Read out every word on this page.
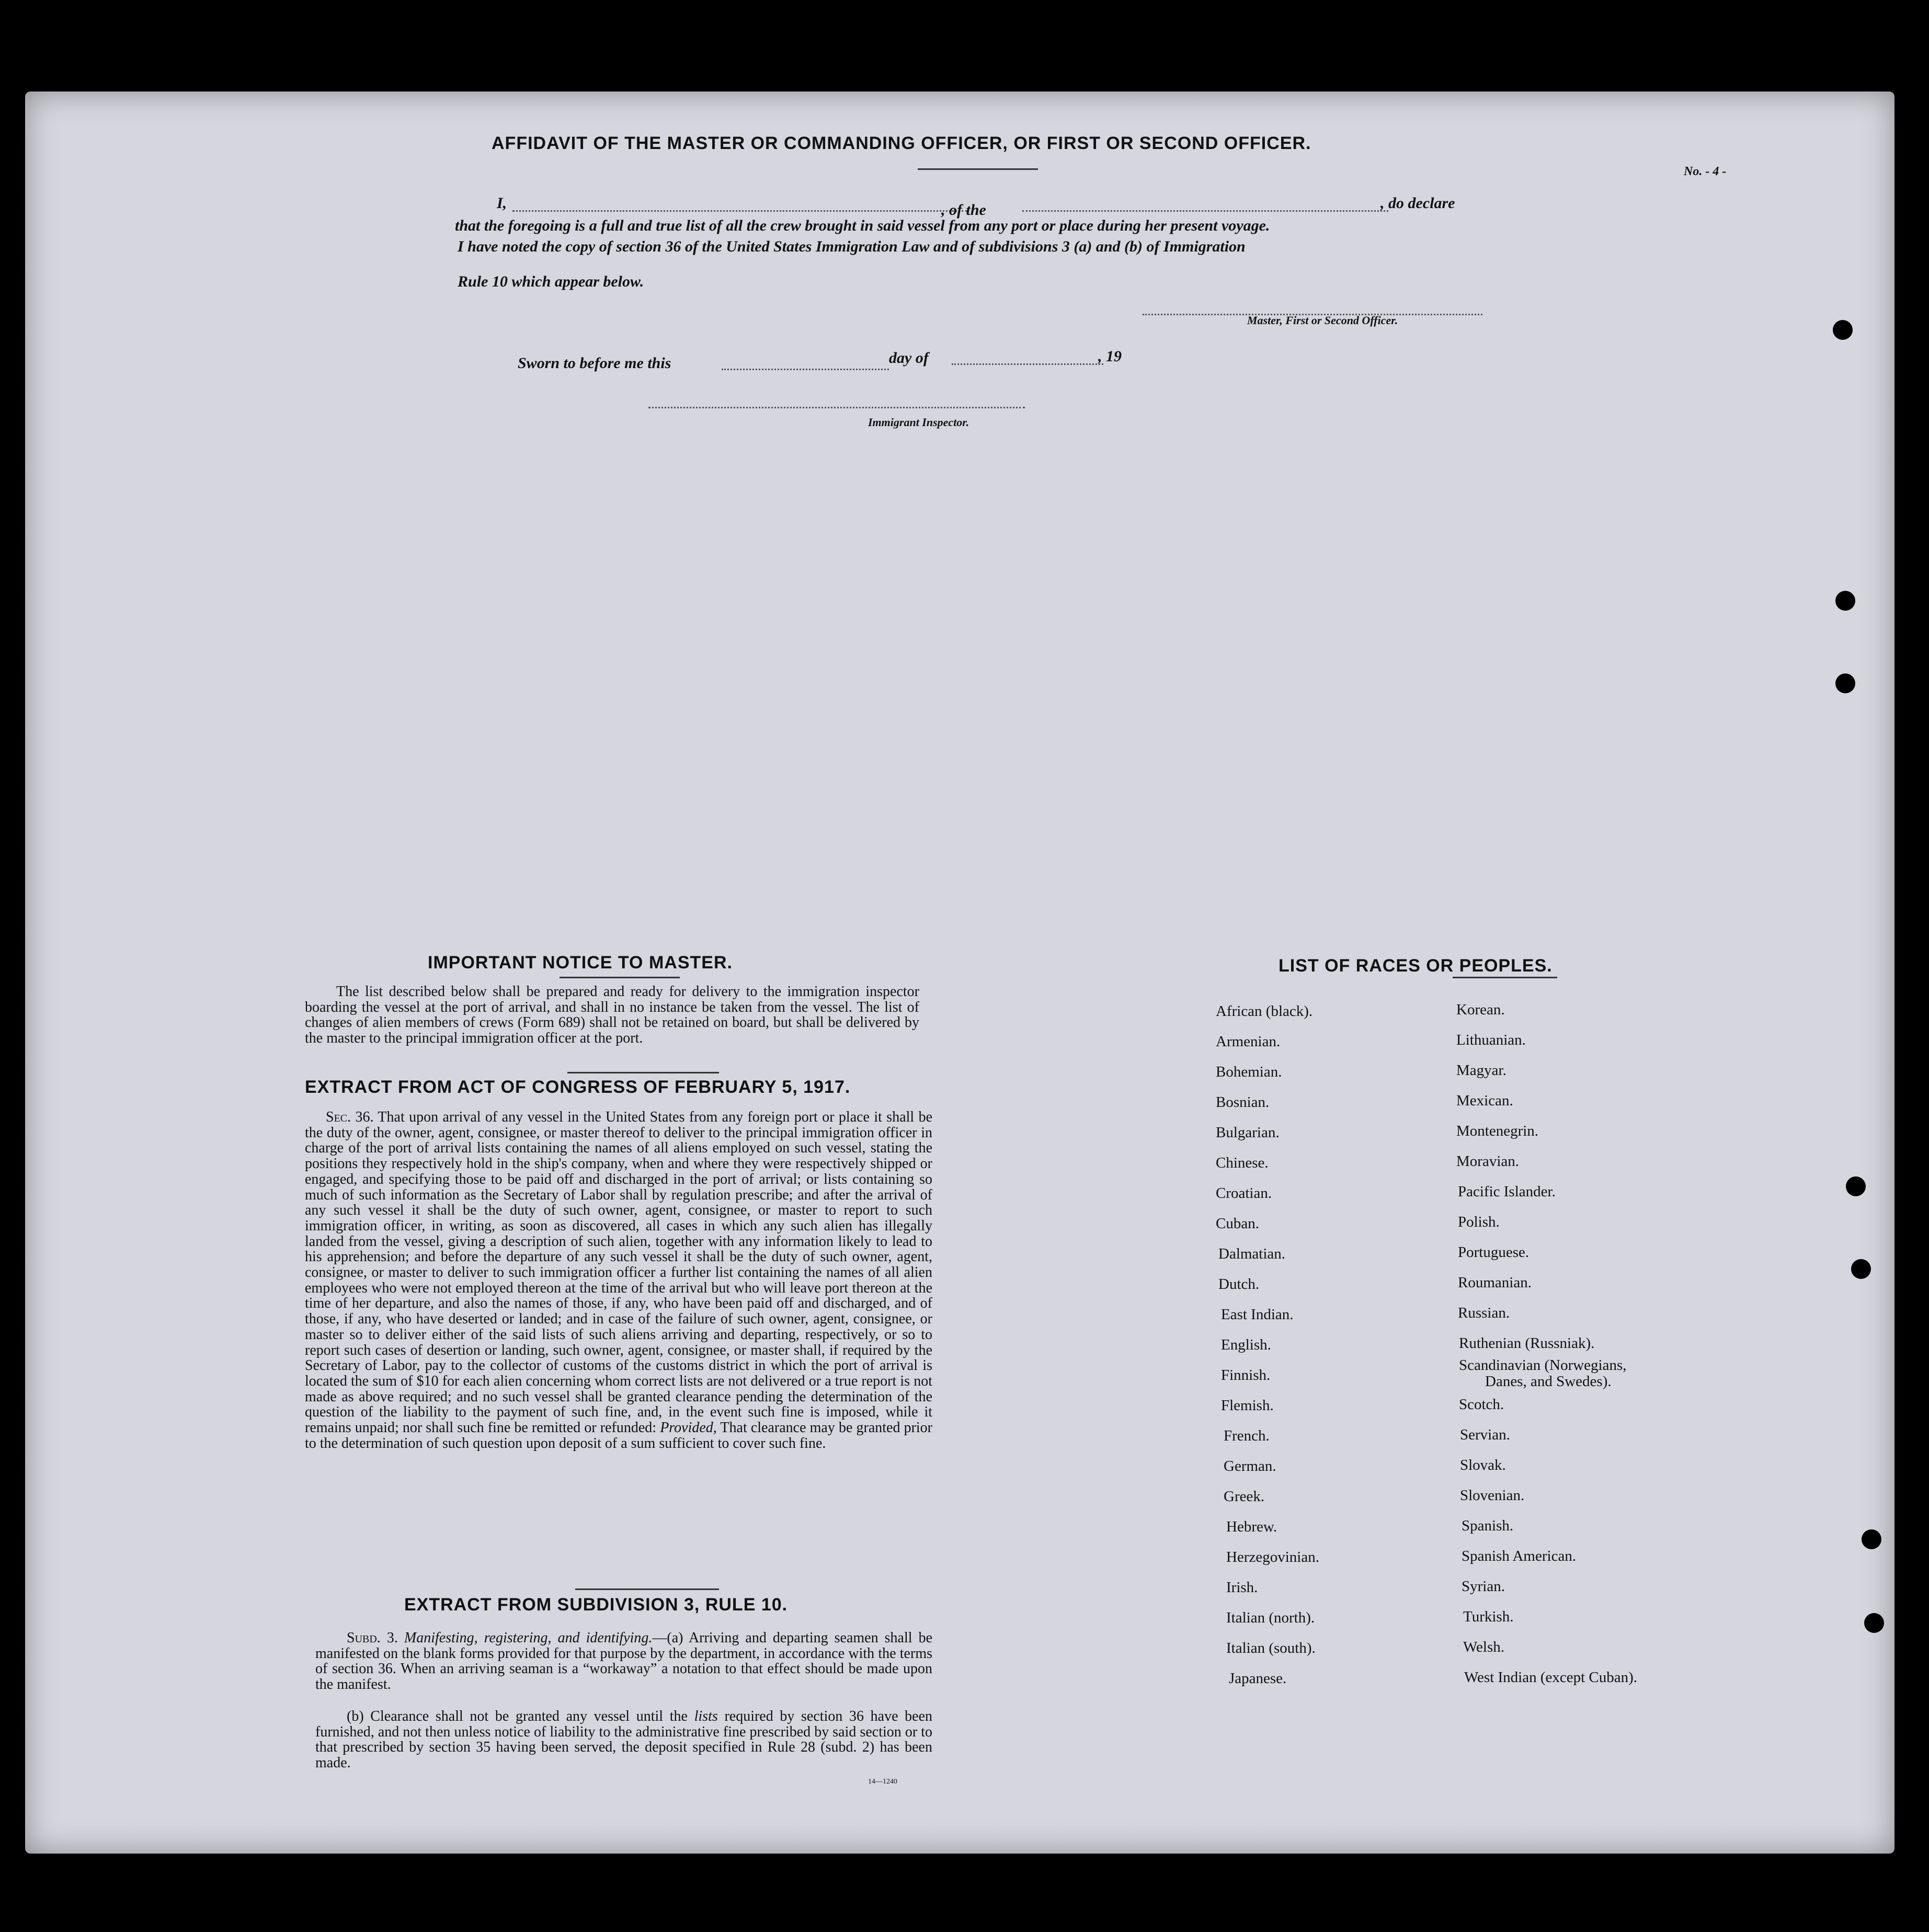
AFFIDAVIT OF THE MASTER OR COMMANDING OFFICER, OR FIRST OR SECOND OFFICER.
No. - 4 -
I,	, of the	, do declare
that the foregoing is a full and true list of all the crew brought in said vessel from any port or place during her present voyage.
I have noted the copy of section 36 of the United States Immigration Law and of subdivisions 3 (a) and (b) of Immigration
Rule 10 which appear below.
Master, First or Second Officer.
Sworn to before me this	day of	, 19
Immigrant Inspector.
IMPORTANT NOTICE TO MASTER.
The list described below shall be prepared and ready for delivery to the immigration inspector boarding the vessel at the port of arrival, and shall in no instance be taken from the vessel. The list of changes of alien members of crews (Form 689) shall not be retained on board, but shall be delivered by the master to the principal immigration officer at the port.
EXTRACT FROM ACT OF CONGRESS OF FEBRUARY 5, 1917.
Sec. 36. That upon arrival of any vessel in the United States from any foreign port or place it shall be the duty of the owner, agent, consignee, or master thereof to deliver to the principal immigration officer in charge of the port of arrival lists containing the names of all aliens employed on such vessel, stating the positions they respectively hold in the ship's company, when and where they were respectively shipped or engaged, and specifying those to be paid off and discharged in the port of arrival; or lists containing so much of such information as the Secretary of Labor shall by regulation prescribe; and after the arrival of any such vessel it shall be the duty of such owner, agent, consignee, or master to report to such immigration officer, in writing, as soon as discovered, all cases in which any such alien has illegally landed from the vessel, giving a description of such alien, together with any information likely to lead to his apprehension; and before the departure of any such vessel it shall be the duty of such owner, agent, consignee, or master to deliver to such immigration officer a further list containing the names of all alien employees who were not employed thereon at the time of the arrival but who will leave port thereon at the time of her departure, and also the names of those, if any, who have been paid off and discharged, and of those, if any, who have deserted or landed; and in case of the failure of such owner, agent, consignee, or master so to deliver either of the said lists of such aliens arriving and departing, respectively, or so to report such cases of desertion or landing, such owner, agent, consignee, or master shall, if required by the Secretary of Labor, pay to the collector of customs of the customs district in which the port of arrival is located the sum of $10 for each alien concerning whom correct lists are not delivered or a true report is not made as above required; and no such vessel shall be granted clearance pending the determination of the question of the liability to the payment of such fine, and, in the event such fine is imposed, while it remains unpaid; nor shall such fine be remitted or refunded: Provided, That clearance may be granted prior to the determination of such question upon deposit of a sum sufficient to cover such fine.
EXTRACT FROM SUBDIVISION 3, RULE 10.
Subd. 3. Manifesting, registering, and identifying.—(a) Arriving and departing seamen shall be manifested on the blank forms provided for that purpose by the department, in accordance with the terms of section 36. When an arriving seaman is a “workaway” a notation to that effect should be made upon the manifest.
(b) Clearance shall not be granted any vessel until the lists required by section 36 have been furnished, and not then unless notice of liability to the administrative fine prescribed by said section or to that prescribed by section 35 having been served, the deposit specified in Rule 28 (subd. 2) has been made.
14—1240
LIST OF RACES OR PEOPLES.
African (black).
Armenian.
Bohemian.
Bosnian.
Bulgarian.
Chinese.
Croatian.
Cuban.
Dalmatian.
Dutch.
East Indian.
English.
Finnish.
Flemish.
French.
German.
Greek.
Hebrew.
Herzegovinian.
Irish.
Italian (north).
Italian (south).
Japanese.
Korean.
Lithuanian.
Magyar.
Mexican.
Montenegrin.
Moravian.
Pacific Islander.
Polish.
Portuguese.
Roumanian.
Russian.
Ruthenian (Russniak).
Scandinavian (Norwegians,
Danes, and Swedes).
Scotch.
Servian.
Slovak.
Slovenian.
Spanish.
Spanish American.
Syrian.
Turkish.
Welsh.
West Indian (except Cuban).
